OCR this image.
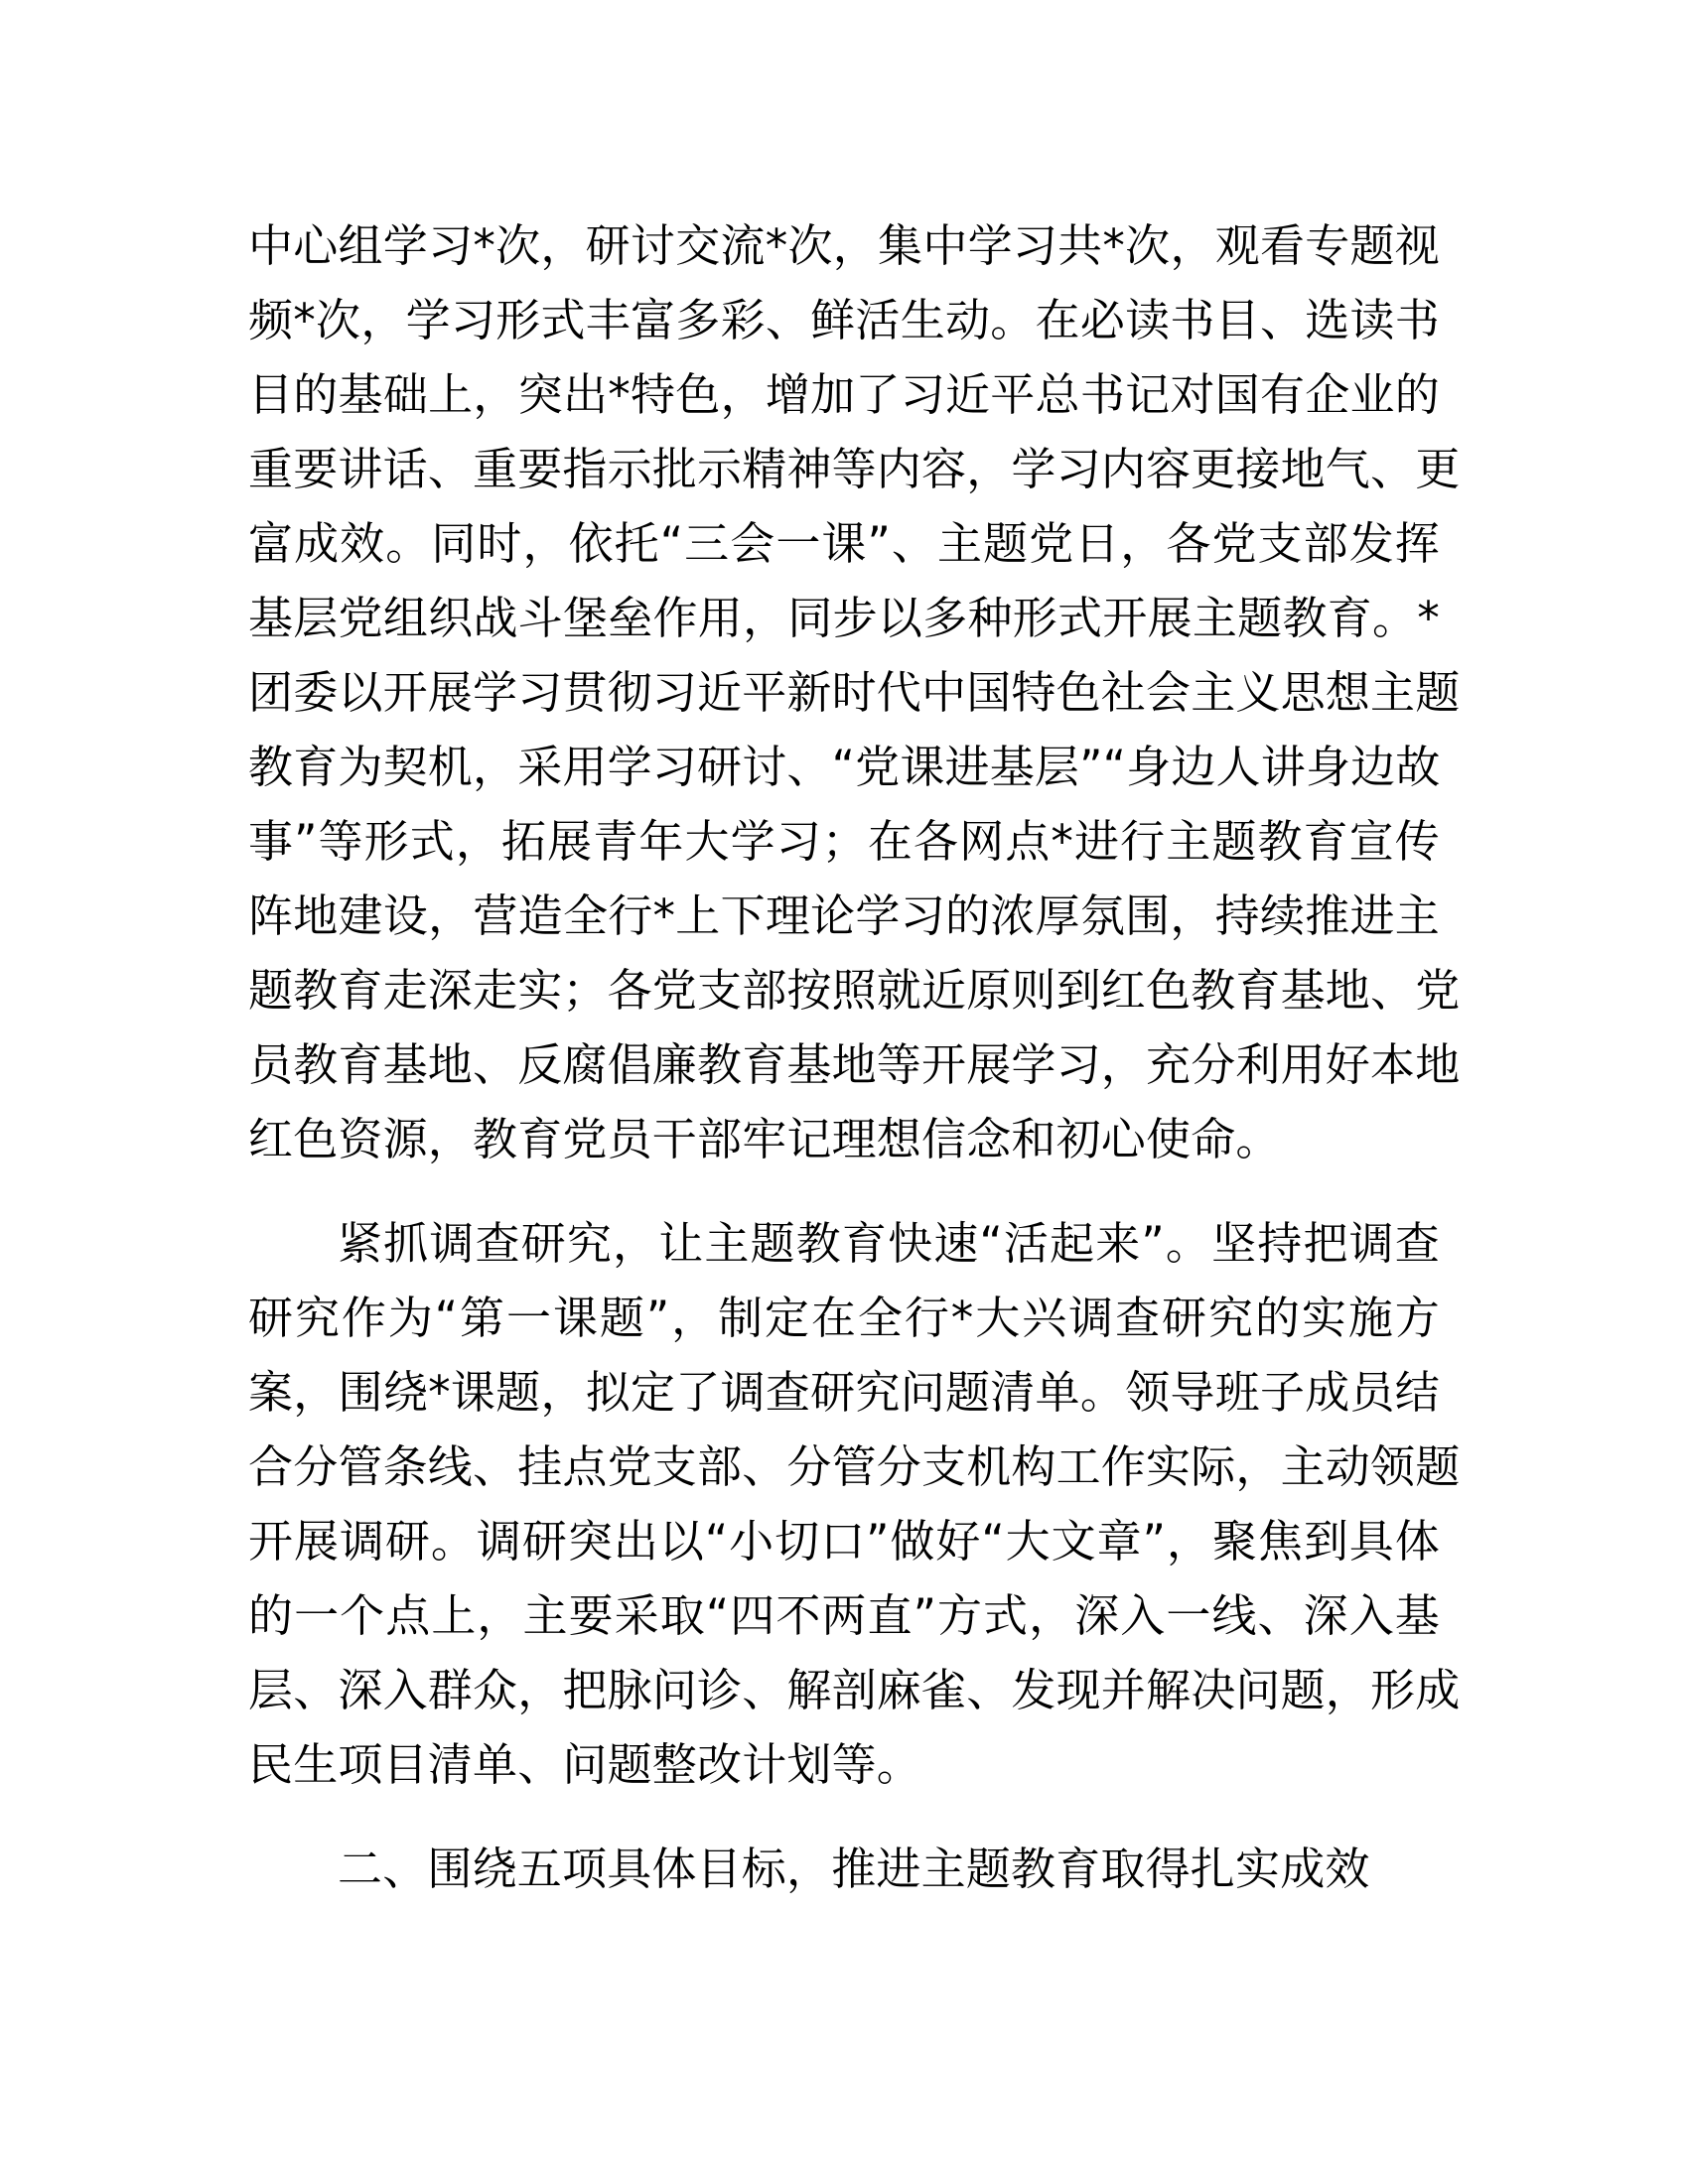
中心组学习*次，研讨交流*次，集中学习共*次，观看专题视
频*次，学习形式丰富多彩、鲜活生动。在必读书目、选读书
目的基础上，突出*特色，增加了习近平总书记对国有企业的
重要讲话、重要指示批示精神等内容，学习内容更接地气、更
富成效。同时，依托“三会一课”、主题党日，各党支部发挥
基层党组织战斗堡垒作用，同步以多种形式开展主题教育。*
团委以开展学习贯彻习近平新时代中国特色社会主义思想主题
教育为契机，采用学习研讨、“党课进基层”“身边人讲身边故
事”等形式，拓展青年大学习；在各网点*进行主题教育宣传
阵地建设，营造全行*上下理论学习的浓厚氛围，持续推进主
题教育走深走实；各党支部按照就近原则到红色教育基地、党
员教育基地、反腐倡廉教育基地等开展学习，充分利用好本地
红色资源，教育党员干部牢记理想信念和初心使命。
紧抓调查研究，让主题教育快速“活起来”。坚持把调查
研究作为“第一课题”，制定在全行*大兴调查研究的实施方
案，围绕*课题，拟定了调查研究问题清单。领导班子成员结
合分管条线、挂点党支部、分管分支机构工作实际，主动领题
开展调研。调研突出以“小切口”做好“大文章”，聚焦到具体
的一个点上，主要采取“四不两直”方式，深入一线、深入基
层、深入群众，把脉问诊、解剖麻雀、发现并解决问题，形成
民生项目清单、问题整改计划等。
二、围绕五项具体目标，推进主题教育取得扎实成效
